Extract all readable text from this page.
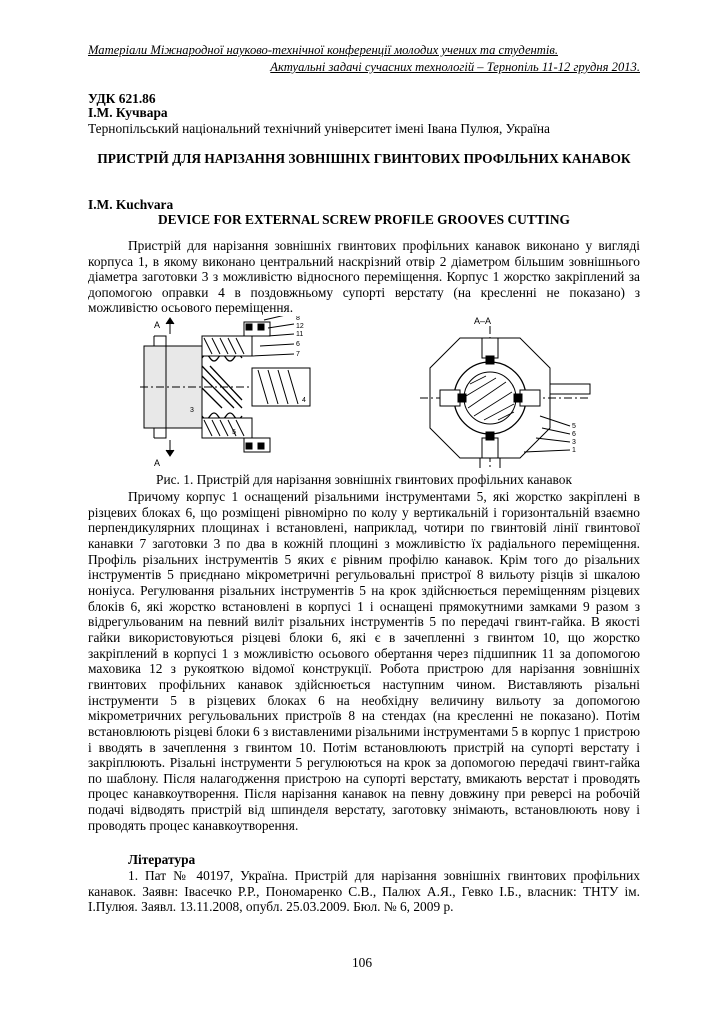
Матеріали Міжнародної науково-технічної конференції молодих учених та студентів.
Актуальні задачі сучасних технологій – Тернопіль 11-12 грудня 2013.
УДК 621.86
І.М. Кучвара
Тернопільський національний технічний університет імені Івана Пулюя, Україна
ПРИСТРІЙ ДЛЯ НАРІЗАННЯ ЗОВНІШНІХ ГВИНТОВИХ ПРОФІЛЬНИХ КАНАВОК
I.M. Kuchvara
DEVICE FOR EXTERNAL SCREW PROFILE GROOVES CUTTING

Пристрій для нарізання зовнішніх гвинтових профільних канавок виконано у вигляді корпуса 1, в якому виконано центральний наскрізний отвір 2 діаметром більшим зовнішнього діаметра заготовки 3 з можливістю відносного переміщення. Корпус 1 жорстко закріплений за допомогою оправки 4 в поздовжньому супорті верстату (на кресленні не показано) з можливістю осьового переміщення.

А
А
8
12
11
6
7
3
5
4
А–А
5
6
3
1
Рис. 1. Пристрій для нарізання зовнішніх гвинтових профільних канавок

Причому корпус 1 оснащений різальними інструментами 5, які жорстко закріплені в різцевих блоках 6, що розміщені рівномірно по колу у вертикальній і горизонтальній взаємно перпендикулярних площинах і встановлені, наприклад, чотири по гвинтовій лінії гвинтової канавки 7 заготовки 3 по два в кожній площині з можливістю їх радіального переміщення. Профіль різальних інструментів 5 яких є рівним профілю канавок. Крім того до різальних інструментів 5 приєднано мікрометричні регульовальні пристрої 8 вильоту різців зі шкалою ноніуса. Регулювання різальних інструментів 5 на крок здійснюється переміщенням різцевих блоків 6, які жорстко встановлені в корпусі 1 і оснащені прямокутними замками 9 разом з відрегульованим на певний виліт різальних інструментів 5 по передачі гвинт-гайка. В якості гайки використовуються різцеві блоки 6, які є в зачепленні з гвинтом 10, що жорстко закріплений в корпусі 1 з можливістю осьового обертання через підшипник 11 за допомогою маховика 12 з рукояткою відомої конструкції. Робота пристрою для нарізання зовнішніх гвинтових профільних канавок здійснюється наступним чином. Виставляють різальні інструменти 5 в різцевих блоках 6 на необхідну величину вильоту за допомогою мікрометричних регульовальних пристроїв 8 на стендах (на кресленні не показано). Потім встановлюють різцеві блоки 6 з виставленими різальними інструментами 5 в корпус 1 пристрою і вводять в зачеплення з гвинтом 10. Потім встановлюють пристрій на супорті верстату і закріплюють. Різальні інструменти 5 регулюються на крок за допомогою передачі гвинт-гайка по шаблону. Після налагодження пристрою на супорті верстату, вмикають верстат і проводять процес канавкоутворення. Після нарізання канавок на певну довжину при реверсі на робочій подачі відводять пристрій від шпинделя верстату, заготовку знімають, встановлюють нову і проводять процес канавкоутворення.

Література

1. Пат № 40197, Україна. Пристрій для нарізання зовнішніх гвинтових профільних канавок. Заявн: Івасечко Р.Р., Пономаренко С.В., Палюх А.Я., Гевко І.Б., власник: ТНТУ ім. І.Пулюя. Заявл. 13.11.2008, опубл. 25.03.2009. Бюл. № 6, 2009 р.

106
